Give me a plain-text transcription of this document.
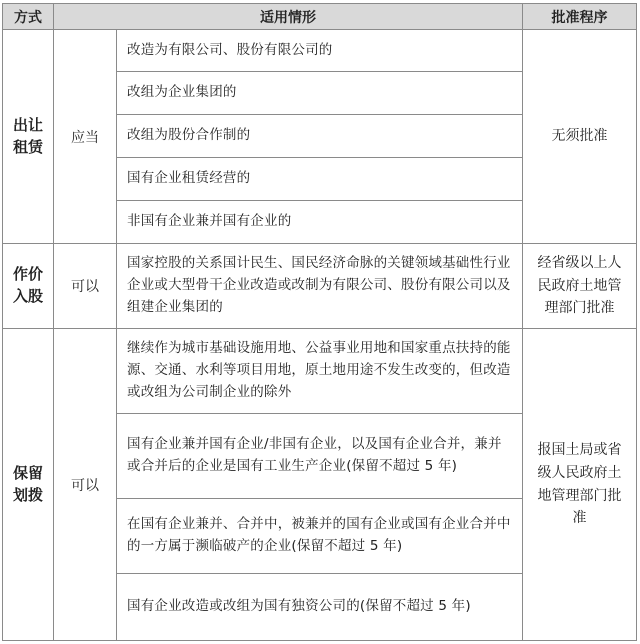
方式	适用情形		批准程序
出让租赁	应当	改造为有限公司、股份有限公司的	无须批准
		改组为企业集团的	
		改组为股份合作制的	
		国有企业租赁经营的	
		非国有企业兼并国有企业的	
作价入股	可以	国家控股的关系国计民生、国民经济命脉的关键领域基础性行业企业或大型骨干企业改造或改制为有限公司、股份有限公司以及组建企业集团的	经省级以上人民政府土地管理部门批准
保留划拨	可以	继续作为城市基础设施用地、公益事业用地和国家重点扶持的能源、交通、水利等项目用地，原土地用途不发生改变的，但改造或改组为公司制企业的除外	报国土局或省级人民政府土地管理部门批准
		国有企业兼并国有企业/非国有企业，以及国有企业合并，兼并或合并后的企业是国有工业生产企业(保留不超过 5 年)	
		在国有企业兼并、合并中，被兼并的国有企业或国有企业合并中的一方属于濒临破产的企业(保留不超过 5 年)	
		国有企业改造或改组为国有独资公司的(保留不超过 5 年)	
